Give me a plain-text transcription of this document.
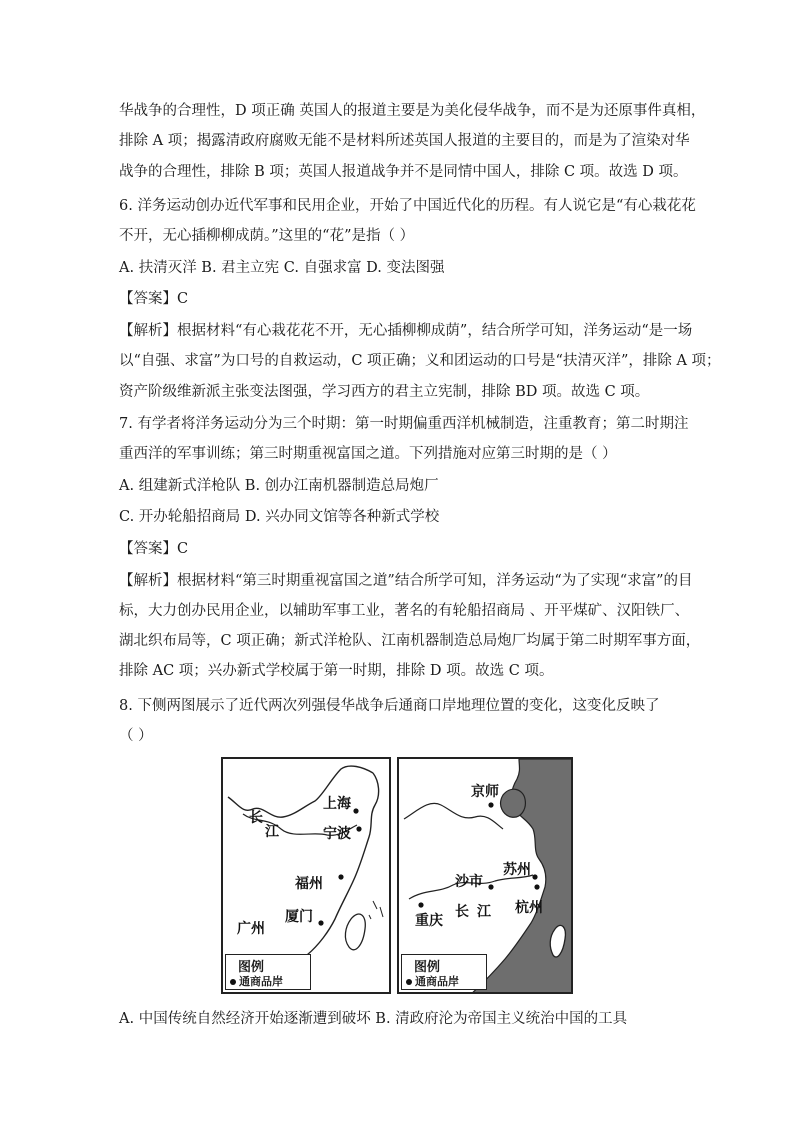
华战争的合理性，D 项正确 英国人的报道主要是为美化侵华战争，而不是为还原事件真相，
排除 A 项；揭露清政府腐败无能不是材料所述英国人报道的主要目的，而是为了渲染对华
战争的合理性，排除 B 项；英国人报道战争并不是同情中国人，排除 C 项。故选 D 项。
6. 洋务运动创办近代军事和民用企业，开始了中国近代化的历程。有人说它是“有心栽花花
不开，无心插柳柳成荫。”这里的“花”是指（ ）
A. 扶清灭洋 B. 君主立宪 C. 自强求富 D. 变法图强
【答案】C
【解析】根据材料“有心栽花花不开，无心插柳柳成荫”，结合所学可知，洋务运动“是一场
以“自强、求富”为口号的自救运动，C 项正确；义和团运动的口号是“扶清灭洋”，排除 A 项；
资产阶级维新派主张变法图强，学习西方的君主立宪制，排除 BD 项。故选 C 项。
7. 有学者将洋务运动分为三个时期：第一时期偏重西洋机械制造，注重教育；第二时期注
重西洋的军事训练；第三时期重视富国之道。下列措施对应第三时期的是（ ）
A. 组建新式洋枪队 B. 创办江南机器制造总局炮厂
C. 开办轮船招商局 D. 兴办同文馆等各种新式学校
【答案】C
【解析】根据材料“第三时期重视富国之道”结合所学可知，洋务运动“为了实现“求富”的目
标，大力创办民用企业，以辅助军事工业，著名的有轮船招商局 、开平煤矿、汉阳铁厂、
湖北织布局等，C 项正确；新式洋枪队、江南机器制造总局炮厂均属于第二时期军事方面，
排除 AC 项；兴办新式学校属于第一时期，排除 D 项。故选 C 项。
8. 下侧两图展示了近代两次列强侵华战争后通商口岸地理位置的变化，这变化反映了
（ ）
上海
长
江	宁波
福州
厦门
广州
图例
通商品岸
京师
苏州
沙市
长 江 杭州
重庆
图例
通商品岸
A. 中国传统自然经济开始逐渐遭到破坏 B. 清政府沦为帝国主义统治中国的工具
